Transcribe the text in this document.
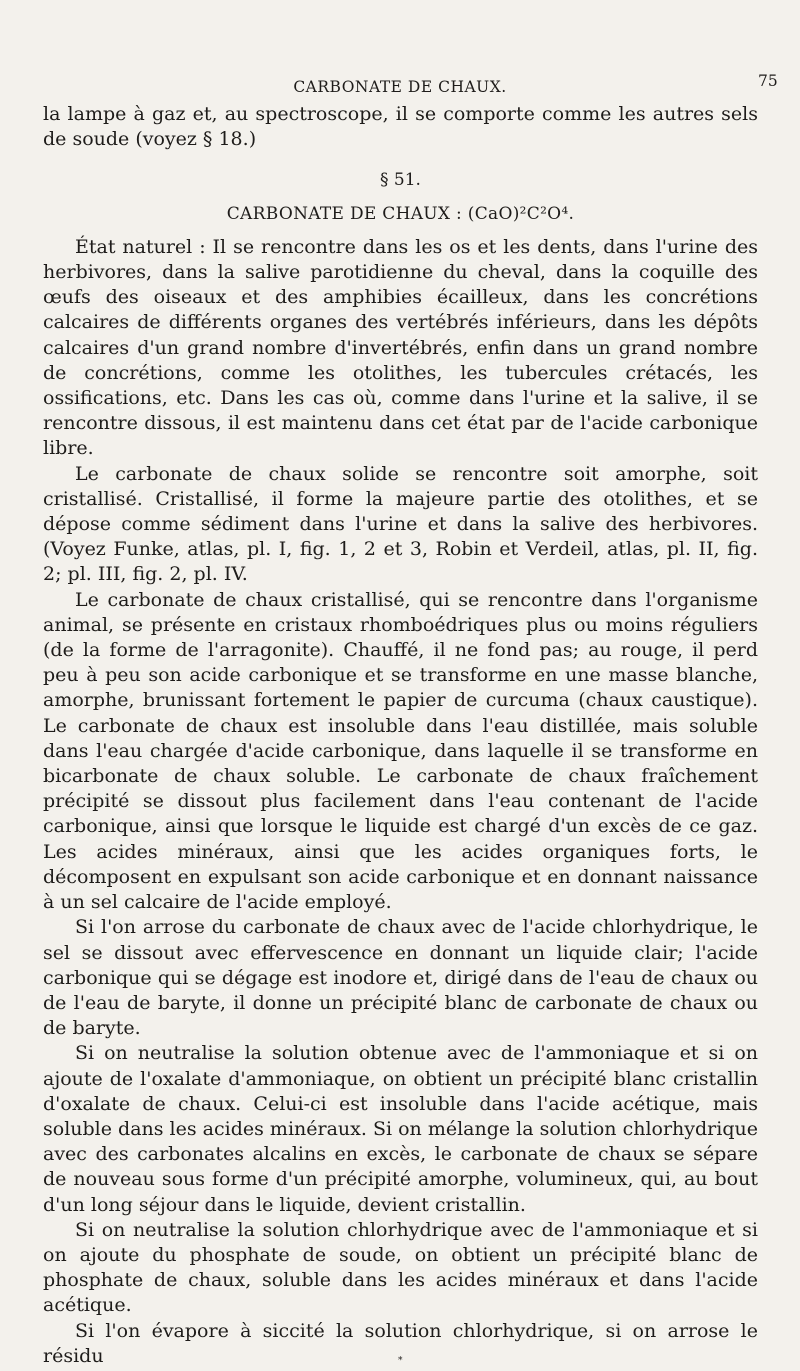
CARBONATE DE CHAUX.	75

la lampe à gaz et, au spectroscope, il se comporte comme les autres sels de soude (voyez § 18.)

§ 51.
CARBONATE DE CHAUX : (CaO)²C²O⁴.

État naturel : Il se rencontre dans les os et les dents, dans l'urine des herbivores, dans la salive parotidienne du cheval, dans la coquille des œufs des oiseaux et des amphibies écailleux, dans les concrétions calcaires de différents organes des vertébrés inférieurs, dans les dépôts calcaires d'un grand nombre d'invertébrés, enfin dans un grand nombre de concrétions, comme les otolithes, les tubercules crétacés, les ossifications, etc. Dans les cas où, comme dans l'urine et la salive, il se rencontre dissous, il est maintenu dans cet état par de l'acide carbonique libre.

Le carbonate de chaux solide se rencontre soit amorphe, soit cristallisé. Cristallisé, il forme la majeure partie des otolithes, et se dépose comme sédiment dans l'urine et dans la salive des herbivores. (Voyez Funke, atlas, pl. I, fig. 1, 2 et 3, Robin et Verdeil, atlas, pl. II, fig. 2; pl. III, fig. 2, pl. IV.

Le carbonate de chaux cristallisé, qui se rencontre dans l'organisme animal, se présente en cristaux rhomboédriques plus ou moins réguliers (de la forme de l'arragonite). Chauffé, il ne fond pas; au rouge, il perd peu à peu son acide carbonique et se transforme en une masse blanche, amorphe, brunissant fortement le papier de curcuma (chaux caustique). Le carbonate de chaux est insoluble dans l'eau distillée, mais soluble dans l'eau chargée d'acide carbonique, dans laquelle il se transforme en bicarbonate de chaux soluble. Le carbonate de chaux fraîchement précipité se dissout plus facilement dans l'eau contenant de l'acide carbonique, ainsi que lorsque le liquide est chargé d'un excès de ce gaz. Les acides minéraux, ainsi que les acides organiques forts, le décomposent en expulsant son acide carbonique et en donnant naissance à un sel calcaire de l'acide employé.

Si l'on arrose du carbonate de chaux avec de l'acide chlorhydrique, le sel se dissout avec effervescence en donnant un liquide clair; l'acide carbonique qui se dégage est inodore et, dirigé dans de l'eau de chaux ou de l'eau de baryte, il donne un précipité blanc de carbonate de chaux ou de baryte.

Si on neutralise la solution obtenue avec de l'ammoniaque et si on ajoute de l'oxalate d'ammoniaque, on obtient un précipité blanc cristallin d'oxalate de chaux. Celui-ci est insoluble dans l'acide acétique, mais soluble dans les acides minéraux. Si on mélange la solution chlorhydrique avec des carbonates alcalins en excès, le carbonate de chaux se sépare de nouveau sous forme d'un précipité amorphe, volumineux, qui, au bout d'un long séjour dans le liquide, devient cristallin.

Si on neutralise la solution chlorhydrique avec de l'ammoniaque et si on ajoute du phosphate de soude, on obtient un précipité blanc de phosphate de chaux, soluble dans les acides minéraux et dans l'acide acétique.

Si l'on évapore à siccité la solution chlorhydrique, si on arrose le résidu	*
